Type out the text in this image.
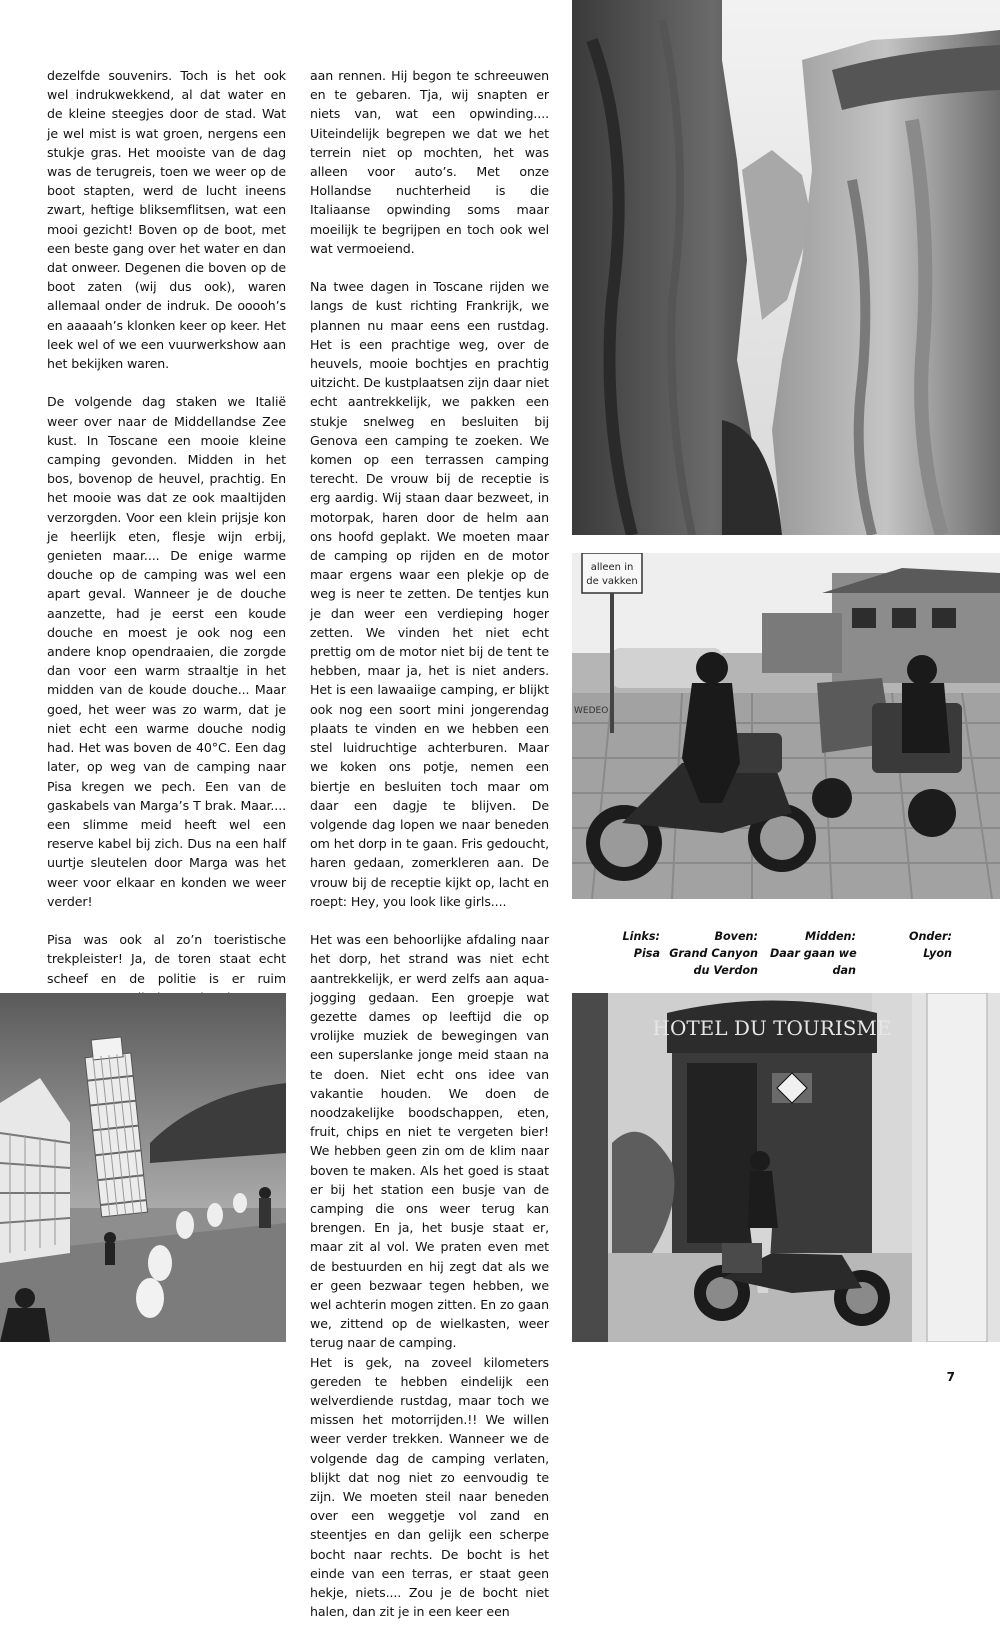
dezelfde souvenirs. Toch is het ook wel indrukwekkend, al dat water en de kleine steegjes door de stad. Wat je wel mist is wat groen, nergens een stukje gras. Het mooiste van de dag was de terugreis, toen we weer op de boot stapten, werd de lucht ineens zwart, heftige bliksemflitsen, wat een mooi gezicht! Boven op de boot, met een beste gang over het water en dan dat onweer. Degenen die boven op de boot zaten (wij dus ook), waren allemaal onder de indruk. De ooooh’s en aaaaah’s klonken keer op keer. Het leek wel of we een vuurwerkshow aan het bekijken waren.

De volgende dag staken we Italië weer over naar de Middellandse Zee kust. In Toscane een mooie kleine camping gevonden. Midden in het bos, bovenop de heuvel, prachtig. En het mooie was dat ze ook maaltijden verzorgden. Voor een klein prijsje kon je heerlijk eten, flesje wijn erbij, genieten maar.... De enige warme douche op de camping was wel een apart geval. Wanneer je de douche aanzette, had je eerst een koude douche en moest je ook nog een andere knop opendraaien, die zorgde dan voor een warm straaltje in het midden van de koude douche... Maar goed, het weer was zo warm, dat je niet echt een warme douche nodig had. Het was boven de 40°C. Een dag later, op weg van de camping naar Pisa kregen we pech. Een van de gaskabels van Marga’s T brak. Maar.... een slimme meid heeft wel een reserve kabel bij zich. Dus na een half uurtje sleutelen door Marga was het weer voor elkaar en konden we weer verder!

Pisa was ook al zo’n toeristische trekpleister! Ja, de toren staat echt scheef en de politie is er ruim

aan rennen. Hij begon te schreeuwen en te gebaren. Tja, wij snapten er niets van, wat een opwinding.... Uiteindelijk begrepen we dat we het terrein niet op mochten, het was alleen voor auto’s. Met onze Hollandse nuchterheid is die Italiaanse opwinding soms maar moeilijk te begrijpen en toch ook wel wat vermoeiend.

Na twee dagen in Toscane rijden we langs de kust richting Frankrijk, we plannen nu maar eens een rustdag. Het is een prachtige weg, over de heuvels, mooie bochtjes en prachtig uitzicht. De kustplaatsen zijn daar niet echt aantrekkelijk, we pakken een stukje snelweg en besluiten bij Genova een camping te zoeken. We komen op een terrassen camping terecht. De vrouw bij de receptie is erg aardig. Wij staan daar bezweet, in motorpak, haren door de helm aan ons hoofd geplakt. We moeten maar de camping op rijden en de motor maar ergens waar een plekje op de weg is neer te zetten. De tentjes kun je dan weer een verdieping hoger zetten. We vinden het niet echt prettig om de motor niet bij de tent te hebben, maar ja, het is niet anders. Het is een lawaaiige camping, er blijkt ook nog een soort mini jongerendag plaats te vinden en we hebben een stel luidruchtige achterburen. Maar we koken ons potje, nemen een biertje en besluiten toch maar om daar een dagje te blijven. De volgende dag lopen we naar beneden om het dorp in te gaan. Fris gedoucht, haren gedaan, zomerkleren aan. De vrouw bij de receptie kijkt op, lacht en roept: Hey, you look like girls....

Het was een behoorlijke afdaling naar het dorp, het strand was niet echt aantrekkelijk, er werd zelfs aan aqua-jogging gedaan. Een groepje wat gezette dames op leeftijd die op vrolijke muziek de bewegingen van een superslanke jonge meid staan na te doen. Niet echt ons idee van vakantie houden. We doen de noodzakelijke boodschappen, eten, fruit, chips en niet te vergeten bier! We hebben geen zin om de klim naar boven te maken. Als het goed is staat er bij het station een busje van de camping die ons weer terug kan brengen. En ja, het busje staat er, maar zit al vol. We praten even met de bestuurden en hij zegt dat als we er geen bezwaar tegen hebben, we wel achterin mogen zitten. En zo gaan we, zittend op de wielkasten, weer terug naar de camping.

Het is gek, na zoveel kilometers gereden te hebben eindelijk een welverdiende rustdag, maar toch we missen het motorrijden.!! We willen weer verder trekken. Wanneer we de volgende dag de camping verlaten, blijkt dat nog niet zo eenvoudig te zijn. We moeten steil naar beneden over een weggetje vol zand en steentjes en dan gelijk een scherpe bocht naar rechts. De bocht is het einde van een terras, er staat geen hekje, niets.... Zou je de bocht niet halen, dan zit je in een keer een

alleen in
de vakken
WEDEO
Links:
Pisa
Boven:
Grand Canyon
du Verdon
Midden:
Daar gaan we
dan
Onder:
Lyon
HOTEL DU TOURISME
7
